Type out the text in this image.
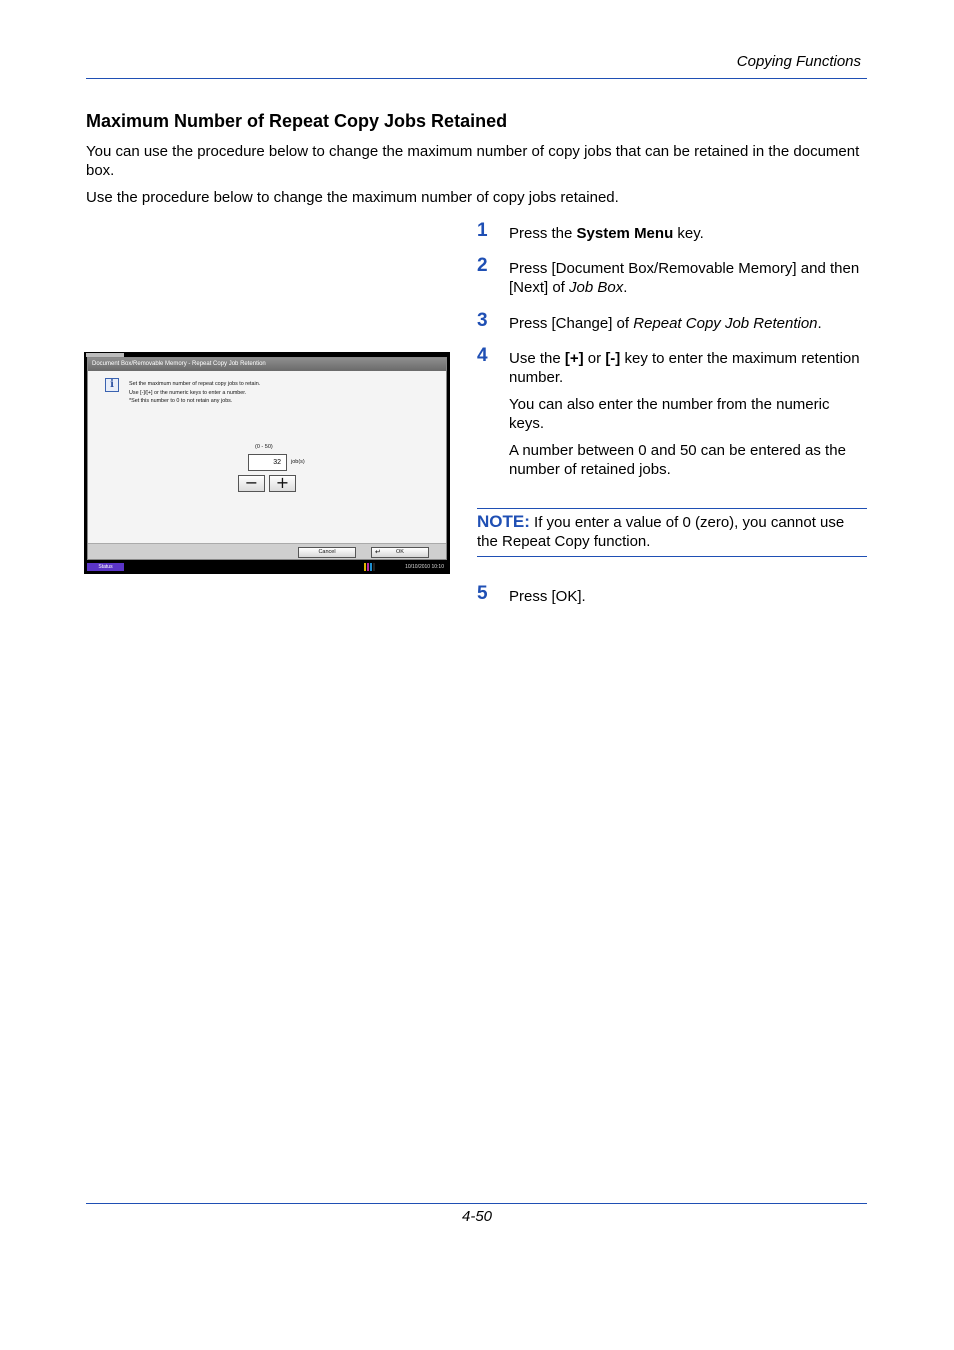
Copying Functions
Maximum Number of Repeat Copy Jobs Retained

You can use the procedure below to change the maximum number of copy jobs that can be retained in the document box.

Use the procedure below to change the maximum number of copy jobs retained.

Document Box/Removable Memory - Repeat Copy Job Retention
i	Set the maximum number of repeat copy jobs to retain.
Use [-]/[+] or the numeric keys to enter a number.
*Set this number to 0 to not retain any jobs.
(0 - 50)
32	job(s)
−	+
Cancel	↵	OK
Status	10/10/2010 10:10
1 Press the System Menu key.
2 Press [Document Box/Removable Memory] and then [Next] of Job Box.
3 Press [Change] of Repeat Copy Job Retention.
4 Use the [+] or [-] key to enter the maximum retention number.

You can also enter the number from the numeric keys.

A number between 0 and 50 can be entered as the number of retained jobs.

NOTE: If you enter a value of 0 (zero), you cannot use the Repeat Copy function.
5 Press [OK].
4-50
